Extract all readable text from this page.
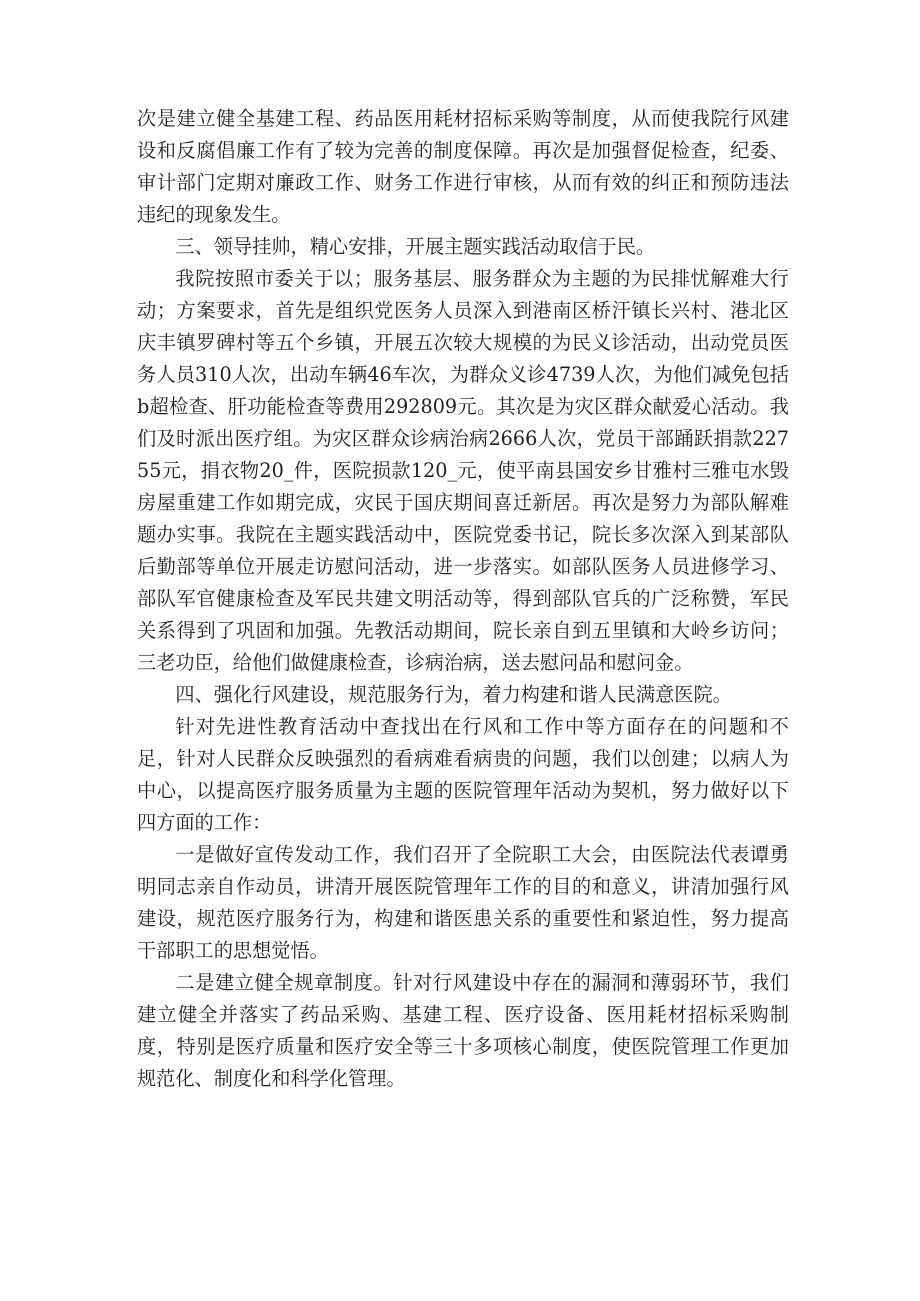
次是建立健全基建工程、药品医用耗材招标采购等制度，从而使我院行风建设和反腐倡廉工作有了较为完善的制度保障。再次是加强督促检查，纪委、审计部门定期对廉政工作、财务工作进行审核，从而有效的纠正和预防违法违纪的现象发生。

三、领导挂帅，精心安排，开展主题实践活动取信于民。

我院按照市委关于以；服务基层、服务群众为主题的为民排忧解难大行动；方案要求，首先是组织党医务人员深入到港南区桥汗镇长兴村、港北区庆丰镇罗碑村等五个乡镇，开展五次较大规模的为民义诊活动，出动党员医务人员310人次，出动车辆46车次，为群众义诊4739人次，为他们减免包括b超检查、肝功能检查等费用292809元。其次是为灾区群众献爱心活动。我们及时派出医疗组。为灾区群众诊病治病2666人次，党员干部踊跃捐款22755元，捐衣物20_件，医院损款120_元，使平南县国安乡甘雅村三雅屯水毁房屋重建工作如期完成，灾民于国庆期间喜迁新居。再次是努力为部队解难题办实事。我院在主题实践活动中，医院党委书记，院长多次深入到某部队后勤部等单位开展走访慰问活动，进一步落实。如部队医务人员进修学习、部队军官健康检查及军民共建文明活动等，得到部队官兵的广泛称赞，军民关系得到了巩固和加强。先教活动期间，院长亲自到五里镇和大岭乡访问；三老功臣，给他们做健康检查，诊病治病，送去慰问品和慰问金。

四、强化行风建设，规范服务行为，着力构建和谐人民满意医院。

针对先进性教育活动中查找出在行风和工作中等方面存在的问题和不足，针对人民群众反映强烈的看病难看病贵的问题，我们以创建；以病人为中心，以提高医疗服务质量为主题的医院管理年活动为契机，努力做好以下四方面的工作：

一是做好宣传发动工作，我们召开了全院职工大会，由医院法代表谭勇明同志亲自作动员，讲清开展医院管理年工作的目的和意义，讲清加强行风建设，规范医疗服务行为，构建和谐医患关系的重要性和紧迫性，努力提高干部职工的思想觉悟。

二是建立健全规章制度。针对行风建设中存在的漏洞和薄弱环节，我们建立健全并落实了药品采购、基建工程、医疗设备、医用耗材招标采购制度，特别是医疗质量和医疗安全等三十多项核心制度，使医院管理工作更加规范化、制度化和科学化管理。
